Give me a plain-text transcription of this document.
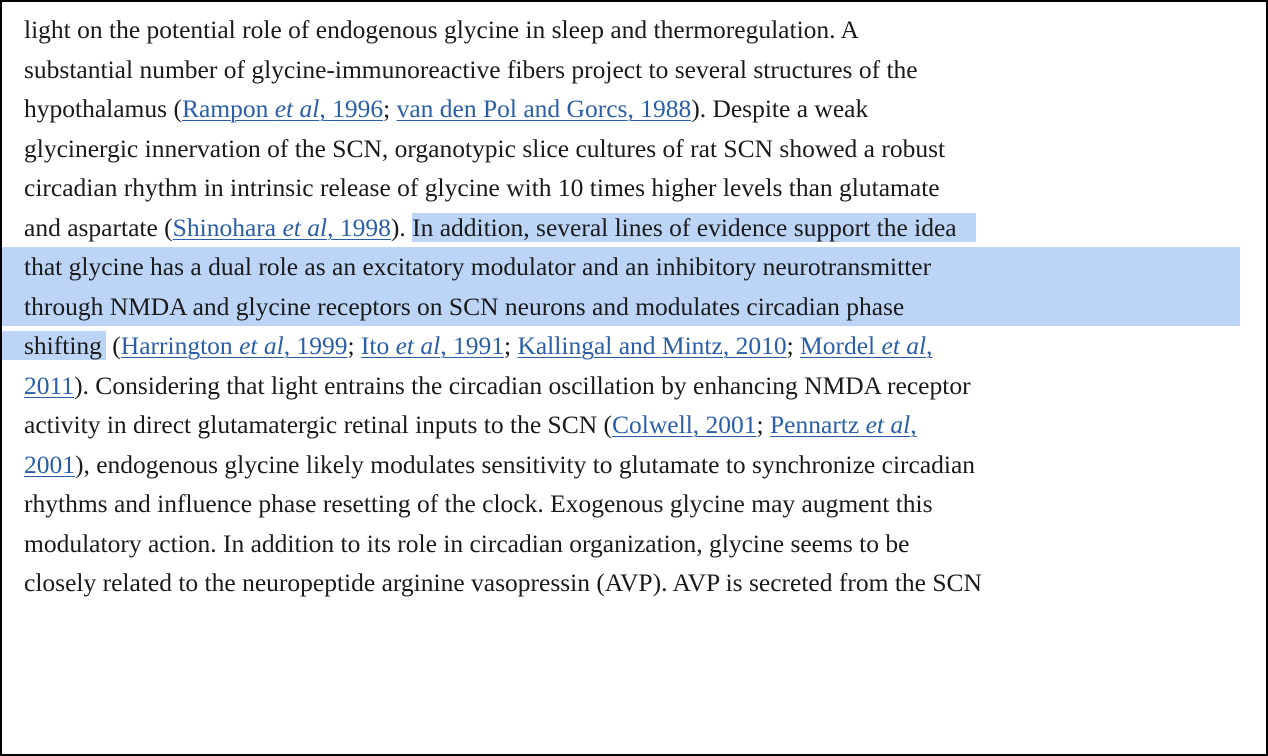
light on the potential role of endogenous glycine in sleep and thermoregulation. A
substantial number of glycine-immunoreactive fibers project to several structures of the
hypothalamus (Rampon et al, 1996; van den Pol and Gorcs, 1988). Despite a weak
glycinergic innervation of the SCN, organotypic slice cultures of rat SCN showed a robust
circadian rhythm in intrinsic release of glycine with 10 times higher levels than glutamate
and aspartate (Shinohara et al, 1998). In addition, several lines of evidence support the idea
that glycine has a dual role as an excitatory modulator and an inhibitory neurotransmitter
through NMDA and glycine receptors on SCN neurons and modulates circadian phase
shifting (Harrington et al, 1999; Ito et al, 1991; Kallingal and Mintz, 2010; Mordel et al,
2011). Considering that light entrains the circadian oscillation by enhancing NMDA receptor
activity in direct glutamatergic retinal inputs to the SCN (Colwell, 2001; Pennartz et al,
2001), endogenous glycine likely modulates sensitivity to glutamate to synchronize circadian
rhythms and influence phase resetting of the clock. Exogenous glycine may augment this
modulatory action. In addition to its role in circadian organization, glycine seems to be
closely related to the neuropeptide arginine vasopressin (AVP). AVP is secreted from the SCN
